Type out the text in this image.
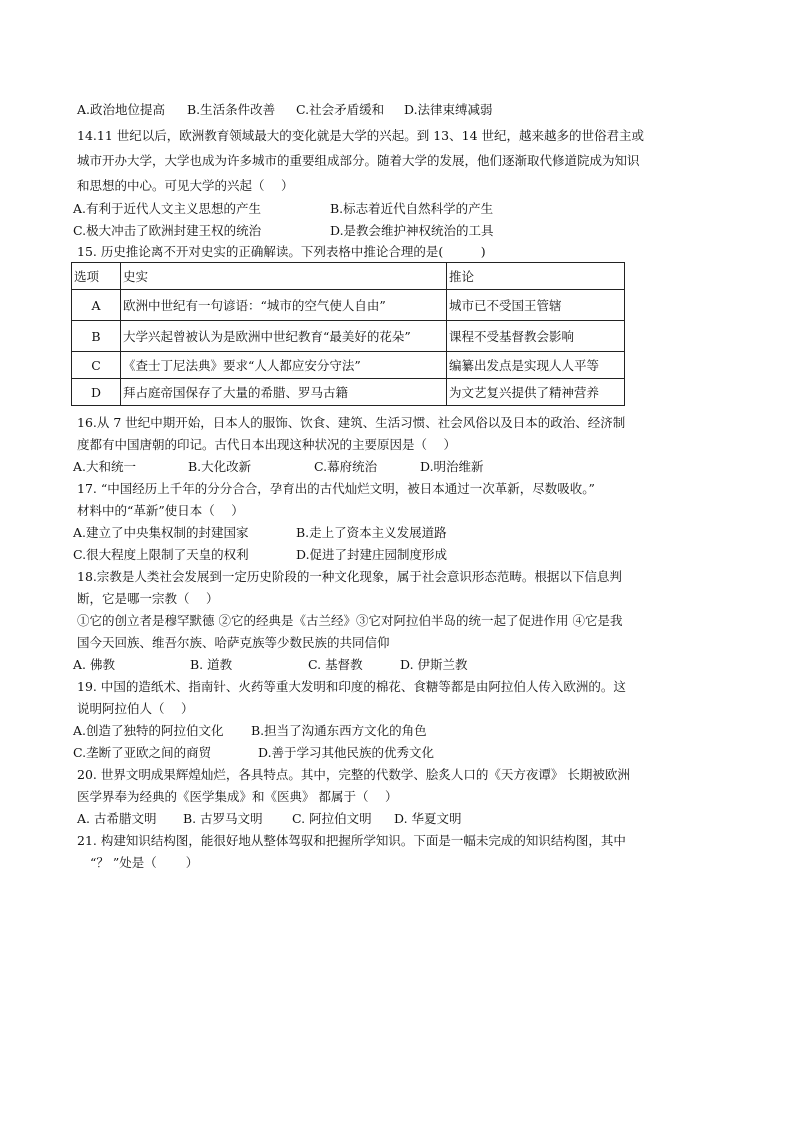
A.政治地位提高 B.生活条件改善 C.社会矛盾缓和 D.法律束缚减弱
14.11 世纪以后，欧洲教育领域最大的变化就是大学的兴起。到 13、14 世纪，越来越多的世俗君主或
城市开办大学，大学也成为许多城市的重要组成部分。随着大学的发展，他们逐渐取代修道院成为知识
和思想的中心。可见大学的兴起（　 ）
A.有利于近代人文主义思想的产生	B.标志着近代自然科学的产生
C.极大冲击了欧洲封建王权的统治	D.是教会维护神权统治的工具
15. 历史推论离不开对史实的正确解读。下列表格中推论合理的是(　　　)
选项	史实	推论
A	欧洲中世纪有一句谚语：“城市的空气使人自由”	城市已不受国王管辖
B	大学兴起曾被认为是欧洲中世纪教育“最美好的花朵”	课程不受基督教会影响
C	《查士丁尼法典》要求“人人都应安分守法”	编纂出发点是实现人人平等
D	拜占庭帝国保存了大量的希腊、罗马古籍	为文艺复兴提供了精神营养
16.从 7 世纪中期开始，日本人的服饰、饮食、建筑、生活习惯、社会风俗以及日本的政治、经济制
度都有中国唐朝的印记。古代日本出现这种状况的主要原因是（　 ）
A.大和统一	B.大化改新	C.幕府统治	D.明治维新
17. “中国经历上千年的分分合合，孕育出的古代灿烂文明，被日本通过一次革新，尽数吸收。”
材料中的“革新”使日本（　 ）
A.建立了中央集权制的封建国家	B.走上了资本主义发展道路
C.很大程度上限制了天皇的权利	D.促进了封建庄园制度形成
18.宗教是人类社会发展到一定历史阶段的一种文化现象，属于社会意识形态范畴。根据以下信息判
断，它是哪一宗教（　 ）
①它的创立者是穆罕默德 ②它的经典是《古兰经》③它对阿拉伯半岛的统一起了促进作用 ④它是我
国今天回族、维吾尔族、哈萨克族等少数民族的共同信仰
A. 佛教	B. 道教	C. 基督教	D. 伊斯兰教
19. 中国的造纸术、指南针、火药等重大发明和印度的棉花、食糖等都是由阿拉伯人传入欧洲的。这
说明阿拉伯人（　 ）
A.创造了独特的阿拉伯文化 B.担当了沟通东西方文化的角色
C.垄断了亚欧之间的商贸	D.善于学习其他民族的优秀文化
20. 世界文明成果辉煌灿烂，各具特点。其中，完整的代数学、脍炙人口的《天方夜谭》 长期被欧洲
医学界奉为经典的《医学集成》和《医典》 都属于（　 ）
A. 古希腊文明 B. 古罗马文明 C. 阿拉伯文明 D. 华夏文明
21. 构建知识结构图，能很好地从整体驾驭和把握所学知识。下面是一幅未完成的知识结构图，其中
“？ ”处是（　　 ）
